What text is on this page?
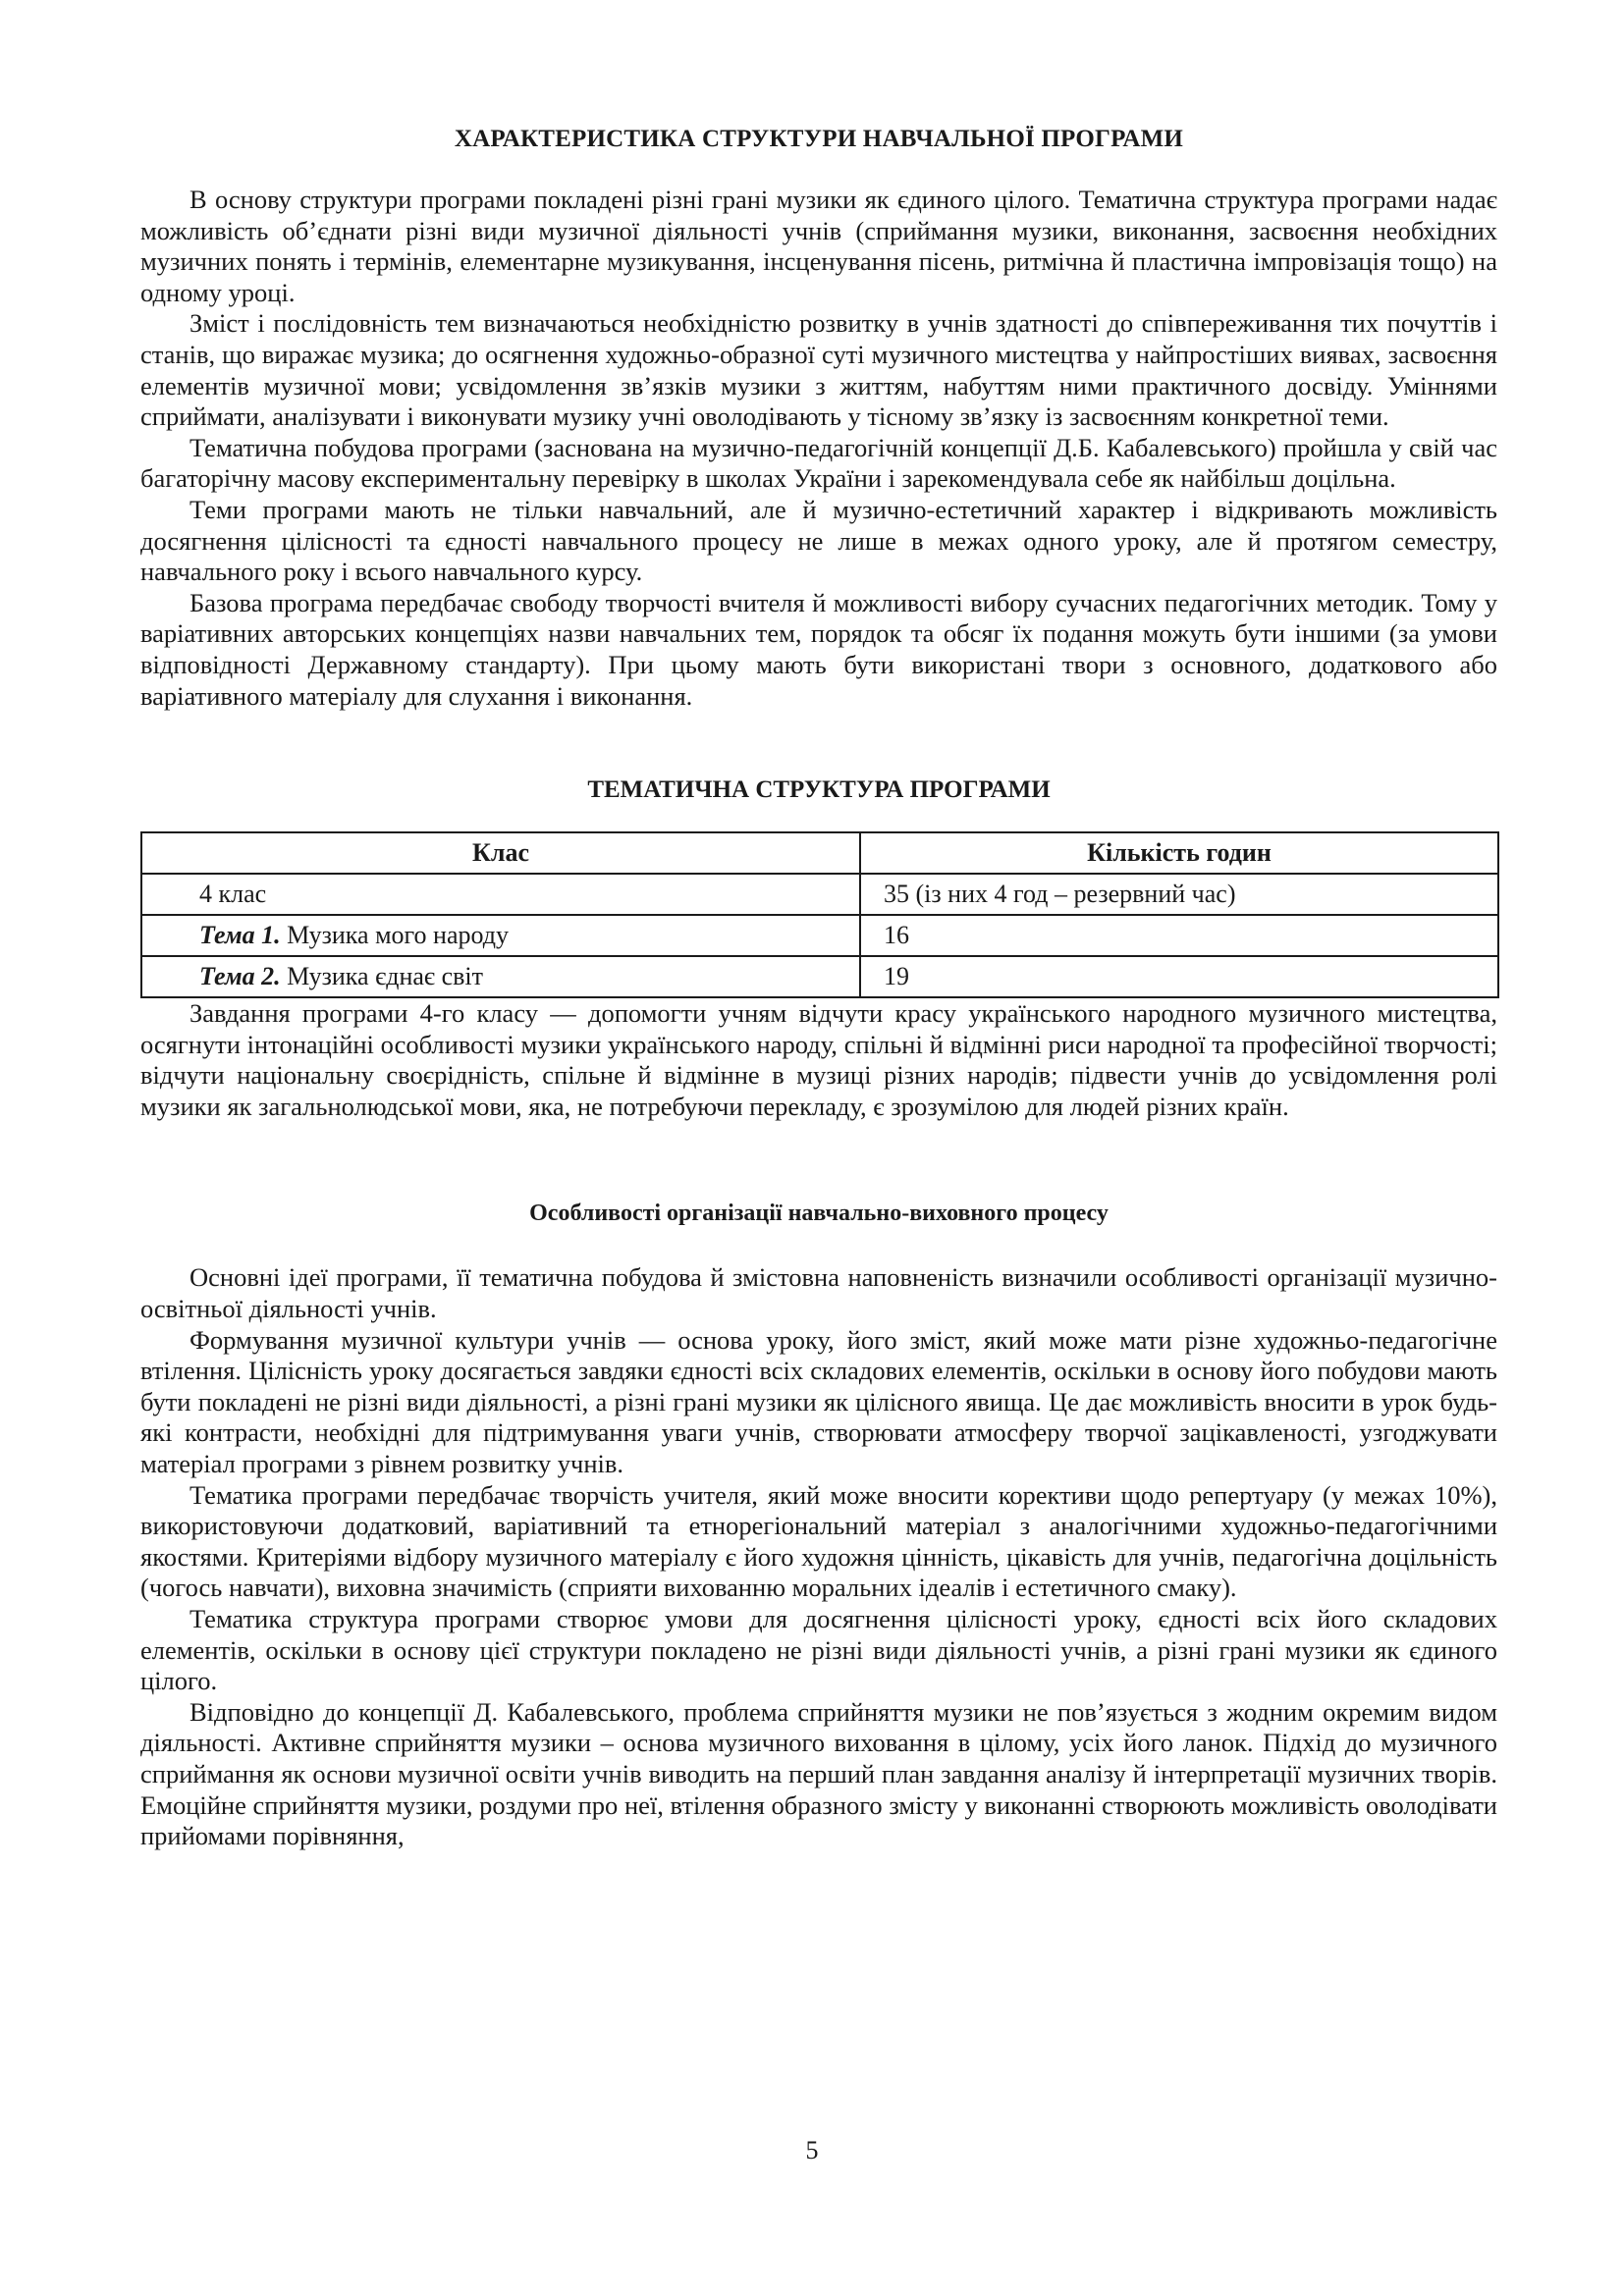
ХАРАКТЕРИСТИКА СТРУКТУРИ НАВЧАЛЬНОЇ ПРОГРАМИ

В основу структури програми покладені різні грані музики як єдиного цілого. Тематична структура програми надає можливість об’єднати різні види музичної діяльності учнів (сприймання музики, виконання, засвоєння необхідних музичних понять і термінів, елементарне музикування, інсценування пісень, ритмічна й пластична імпровізація тощо) на одному уроці.

Зміст і послідовність тем визначаються необхідністю розвитку в учнів здатності до співпереживання тих почуттів і станів, що виражає музика; до осягнення художньо-образної суті музичного мистецтва у найпростіших виявах, засвоєння елементів музичної мови; усвідомлення зв’язків музики з життям, набуттям ними практичного досвіду. Уміннями сприймати, аналізувати і виконувати музику учні оволодівають у тісному зв’язку із засвоєнням конкретної теми.

Тематична побудова програми (заснована на музично-педагогічній концепції Д.Б. Кабалевського) пройшла у свій час багаторічну масову експериментальну перевірку в школах України і зарекомендувала себе як найбільш доцільна.

Теми програми мають не тільки навчальний, але й музично-естетичний характер і відкривають можливість досягнення цілісності та єдності навчального процесу не лише в межах одного уроку, але й протягом семестру, навчального року і всього навчального курсу.

Базова програма передбачає свободу творчості вчителя й можливості вибору сучасних педагогічних методик. Тому у варіативних авторських концепціях назви навчальних тем, порядок та обсяг їх подання можуть бути іншими (за умови відповідності Державному стандарту). При цьому мають бути використані твори з основного, додаткового або варіативного матеріалу для слухання і виконання.

ТЕМАТИЧНА СТРУКТУРА ПРОГРАМИ
Клас	Кількість годин
4 клас	35 (із них 4 год – резервний час)
Тема 1. Музика мого народу	16
Тема 2. Музика єднає світ	19

Завдання програми 4-го класу — допомогти учням відчути красу українського народного музичного мистецтва, осягнути інтонаційні особливості музики українського народу, спільні й відмінні риси народної та професійної творчості; відчути національну своєрідність, спільне й відмінне в музиці різних народів; підвести учнів до усвідомлення ролі музики як загальнолюдської мови, яка, не потребуючи перекладу, є зрозумілою для людей різних країн.

Особливості організації навчально-виховного процесу

Основні ідеї програми, її тематична побудова й змістовна наповненість визначили особливості організації музично-освітньої діяльності учнів.

Формування музичної культури учнів — основа уроку, його зміст, який може мати різне художньо-педагогічне втілення. Цілісність уроку досягається завдяки єдності всіх складових елементів, оскільки в основу його побудови мають бути покладені не різні види діяльності, а різні грані музики як цілісного явища. Це дає можливість вносити в урок будь-які контрасти, необхідні для підтримування уваги учнів, створювати атмосферу творчої зацікавленості, узгоджувати матеріал програми з рівнем розвитку учнів.

Тематика програми передбачає творчість учителя, який може вносити корективи щодо репертуару (у межах 10%), використовуючи додатковий, варіативний та етнорегіональний матеріал з аналогічними художньо-педагогічними якостями. Критеріями відбору музичного матеріалу є його художня цінність, цікавість для учнів, педагогічна доцільність (чогось навчати), виховна значимість (сприяти вихованню моральних ідеалів і естетичного смаку).

Тематика структура програми створює умови для досягнення цілісності уроку, єдності всіх його складових елементів, оскільки в основу цієї структури покладено не різні види діяльності учнів, а різні грані музики як єдиного цілого.

Відповідно до концепції Д. Кабалевського, проблема сприйняття музики не пов’язується з жодним окремим видом діяльності. Активне сприйняття музики – основа музичного виховання в цілому, усіх його ланок. Підхід до музичного сприймання як основи музичної освіти учнів виводить на перший план завдання аналізу й інтерпретації музичних творів. Емоційне сприйняття музики, роздуми про неї, втілення образного змісту у виконанні створюють можливість оволодівати прийомами порівняння,

5
